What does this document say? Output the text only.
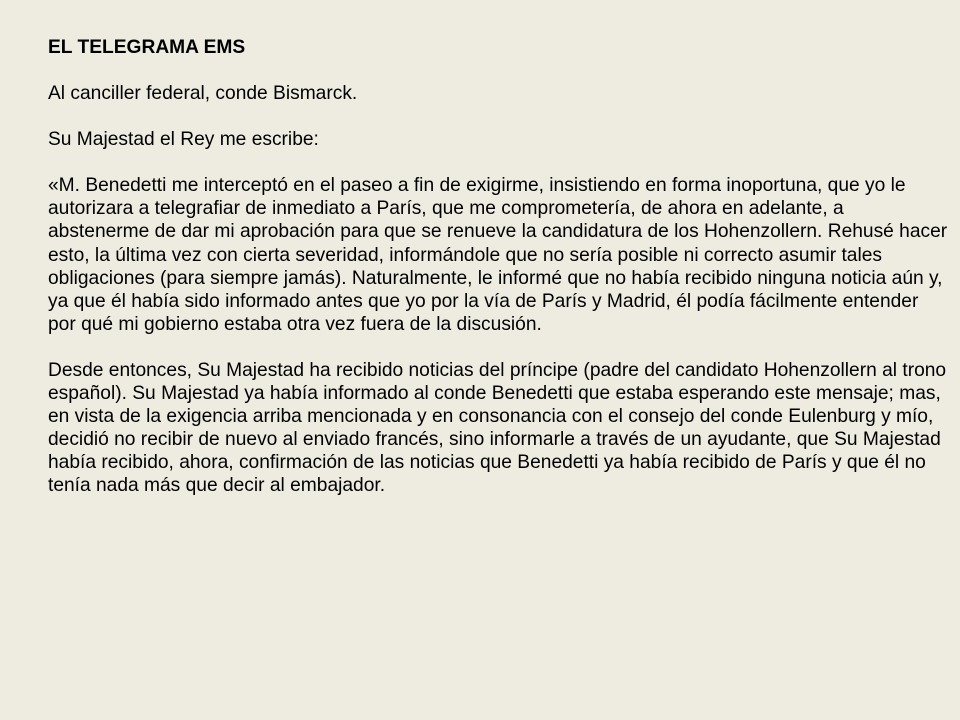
EL TELEGRAMA EMS

Al canciller federal, conde Bismarck.

Su Majestad el Rey me escribe:

«M. Benedetti me interceptó en el paseo a fin de exigirme, insistiendo en forma inoportuna, que yo le autorizara a telegrafiar de inmediato a París, que me comprometería, de ahora en adelante, a abstenerme de dar mi aprobación para que se renueve la candidatura de los Hohenzollern. Rehusé hacer esto, la última vez con cierta severidad, informándole que no sería posible ni correcto asumir tales obligaciones (para siempre jamás). Naturalmente, le informé que no había recibido ninguna noticia aún y, ya que él había sido informado antes que yo por la vía de París y Madrid, él podía fácilmente entender por qué mi gobierno estaba otra vez fuera de la discusión.

Desde entonces, Su Majestad ha recibido noticias del príncipe (padre del candidato Hohenzollern al trono español). Su Majestad ya había informado al conde Benedetti que estaba esperando este mensaje; mas, en vista de la exigencia arriba mencionada y en consonancia con el consejo del conde Eulenburg y mío, decidió no recibir de nuevo al enviado francés, sino informarle a través de un ayudante, que Su Majestad había recibido, ahora, confirmación de las noticias que Benedetti ya había recibido de París y que él no tenía nada más que decir al embajador.
